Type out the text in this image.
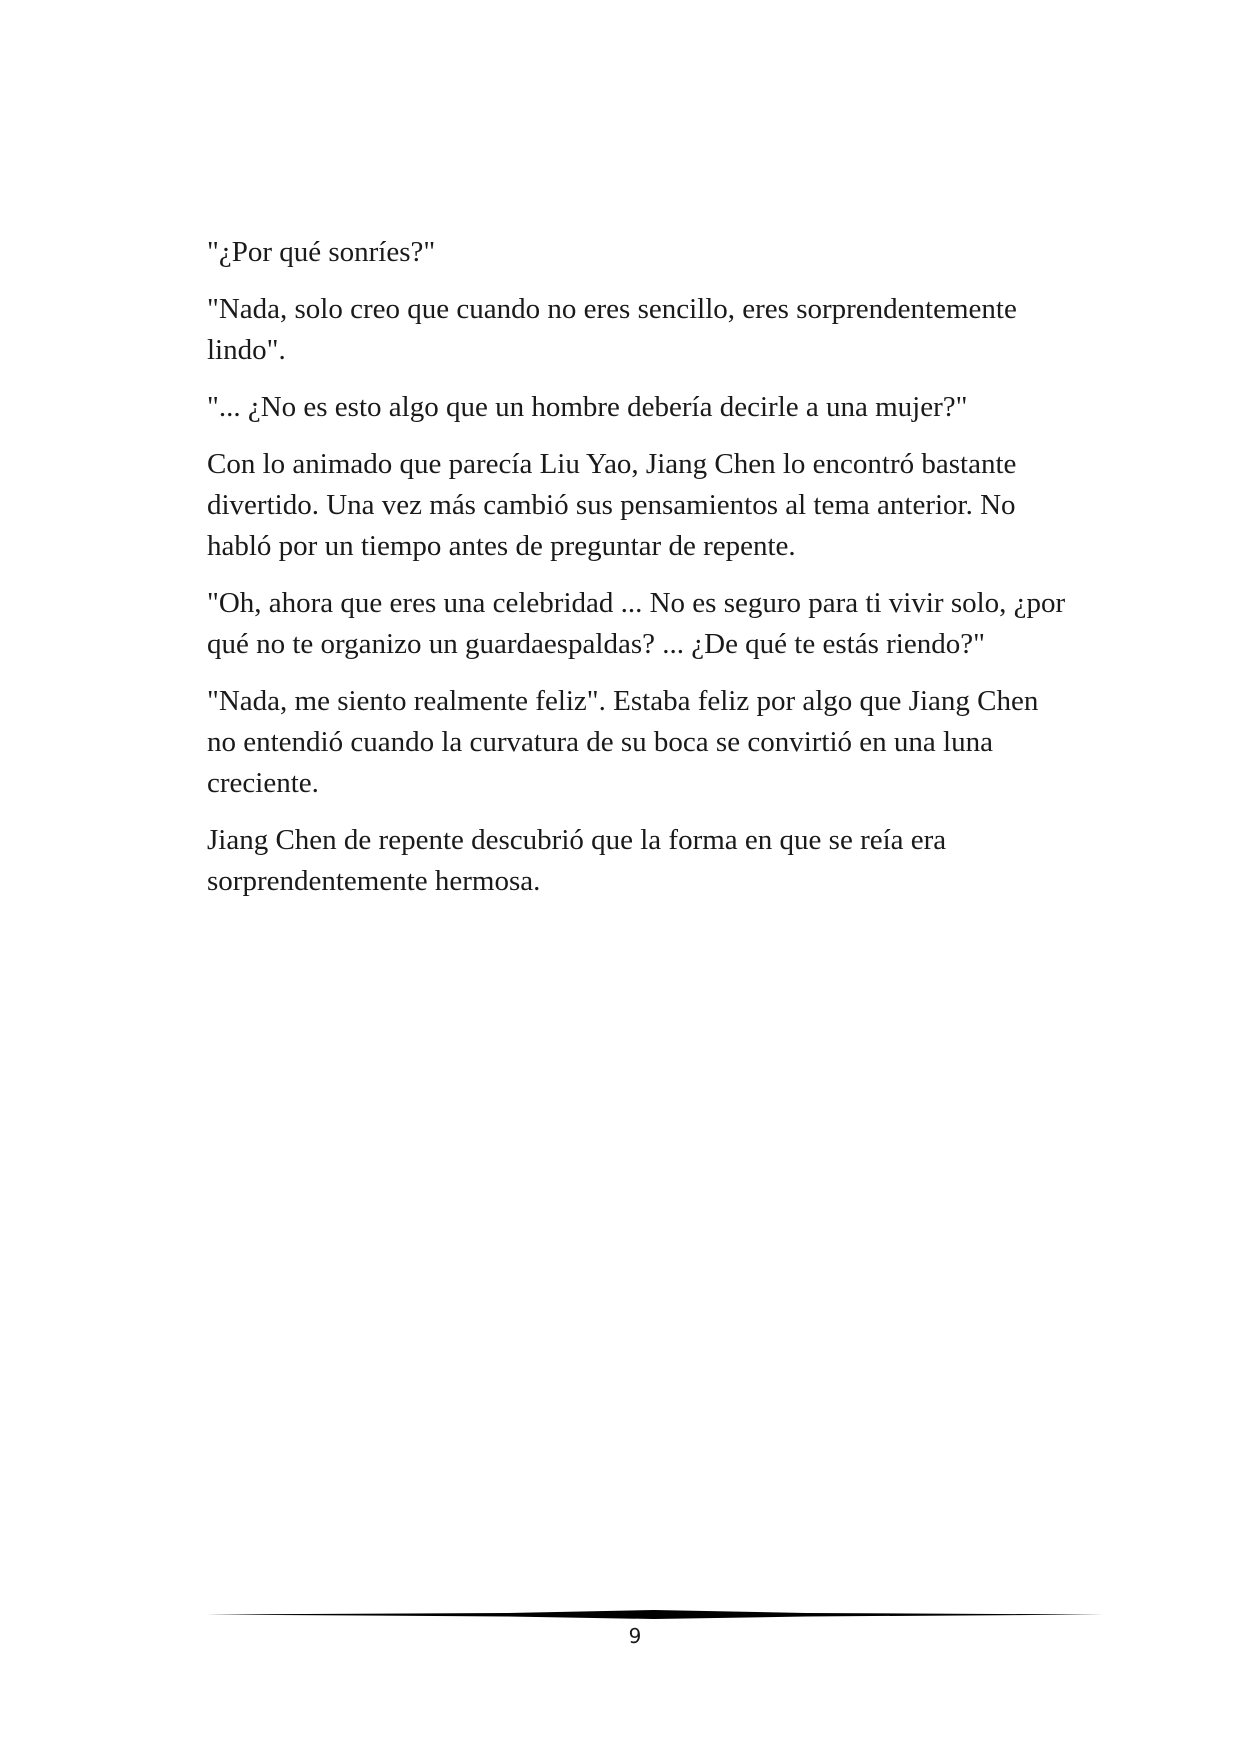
"¿Por qué sonríes?"

"Nada, solo creo que cuando no eres sencillo, eres sorprendentemente lindo".

"... ¿No es esto algo que un hombre debería decirle a una mujer?"

Con lo animado que parecía Liu Yao, Jiang Chen lo encontró bastante divertido. Una vez más cambió sus pensamientos al tema anterior. No habló por un tiempo antes de preguntar de repente.

"Oh, ahora que eres una celebridad ... No es seguro para ti vivir solo, ¿por qué no te organizo un guardaespaldas? ... ¿De qué te estás riendo?"

"Nada, me siento realmente feliz". Estaba feliz por algo que Jiang Chen no entendió cuando la curvatura de su boca se convirtió en una luna creciente.

Jiang Chen de repente descubrió que la forma en que se reía era sorprendentemente hermosa.

9
